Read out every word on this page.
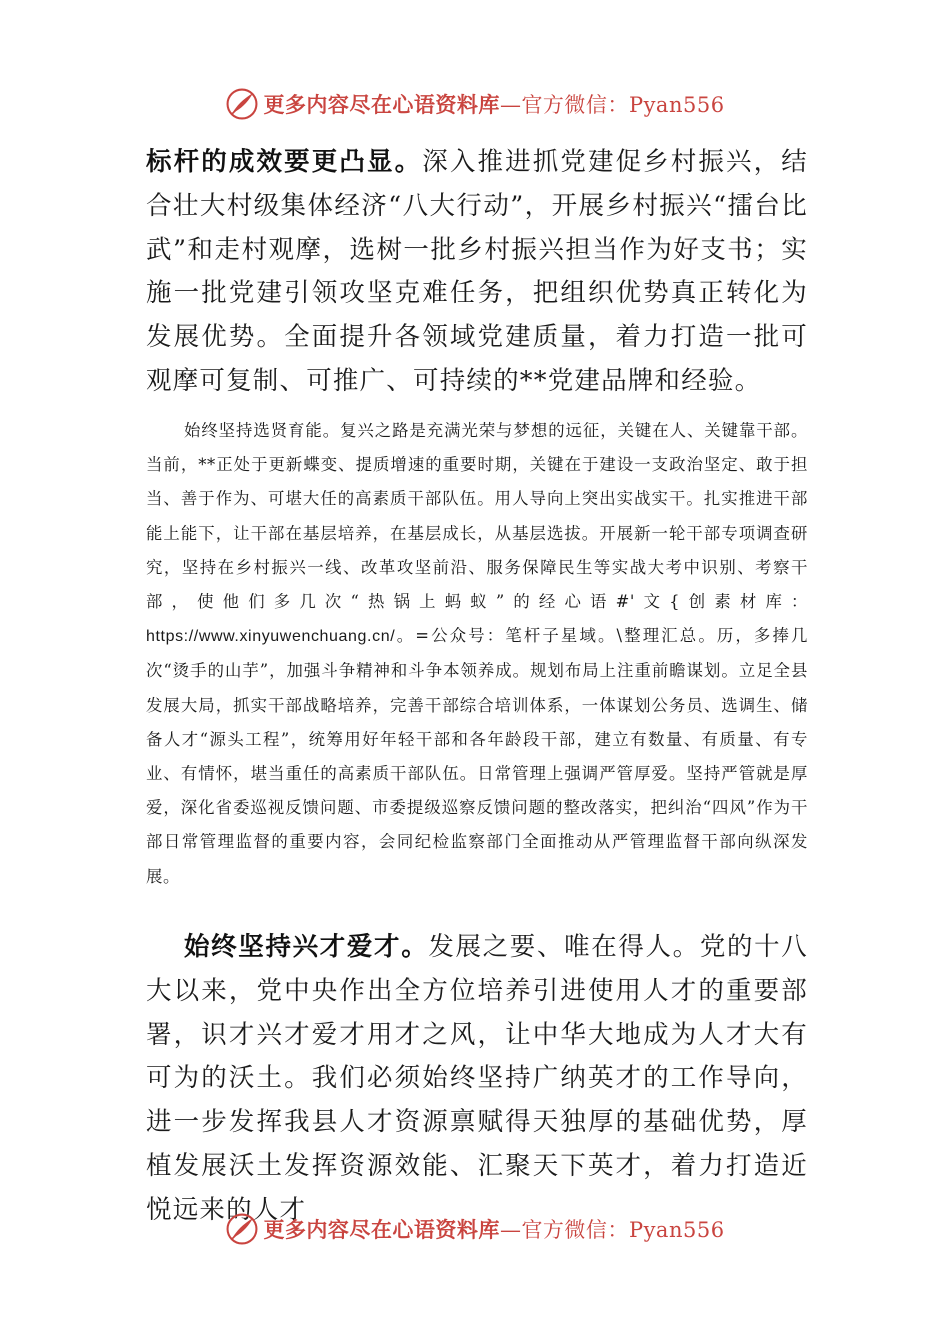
更多内容尽在心语资料库—官方微信：Pyan556

标杆的成效要更凸显。深入推进抓党建促乡村振兴，结合壮大村级集体经济“八大行动”，开展乡村振兴“擂台比武”和走村观摩，选树一批乡村振兴担当作为好支书；实施一批党建引领攻坚克难任务，把组织优势真正转化为发展优势。全面提升各领域党建质量，着力打造一批可观摩可复制、可推广、可持续的**党建品牌和经验。

始终坚持选贤育能。复兴之路是充满光荣与梦想的远征，关键在人、关键靠干部。当前，**正处于更新蝶变、提质增速的重要时期，关键在于建设一支政治坚定、敢于担当、善于作为、可堪大任的高素质干部队伍。用人导向上突出实战实干。扎实推进干部能上能下，让干部在基层培养，在基层成长，从基层选拔。开展新一轮干部专项调查研究，坚持在乡村振兴一线、改革攻坚前沿、服务保障民生等实战大考中识别、考察干部，使他们多几次“热锅上蚂蚁”的经心语#'文{创素材库：https://www.xinyuwenchuang.cn/。=公众号：笔杆子星域。\整理汇总。历，多捧几次“烫手的山芋”，加强斗争精神和斗争本领养成。规划布局上注重前瞻谋划。立足全县发展大局，抓实干部战略培养，完善干部综合培训体系，一体谋划公务员、选调生、储备人才“源头工程”，统筹用好年轻干部和各年龄段干部，建立有数量、有质量、有专业、有情怀，堪当重任的高素质干部队伍。日常管理上强调严管厚爱。坚持严管就是厚爱，深化省委巡视反馈问题、市委提级巡察反馈问题的整改落实，把纠治“四风”作为干部日常管理监督的重要内容，会同纪检监察部门全面推动从严管理监督干部向纵深发展。

始终坚持兴才爱才。发展之要、唯在得人。党的十八大以来，党中央作出全方位培养引进使用人才的重要部署，识才兴才爱才用才之风，让中华大地成为人才大有可为的沃土。我们必须始终坚持广纳英才的工作导向，进一步发挥我县人才资源禀赋得天独厚的基础优势，厚植发展沃土发挥资源效能、汇聚天下英才，着力打造近悦远来的人才

更多内容尽在心语资料库—官方微信：Pyan556
